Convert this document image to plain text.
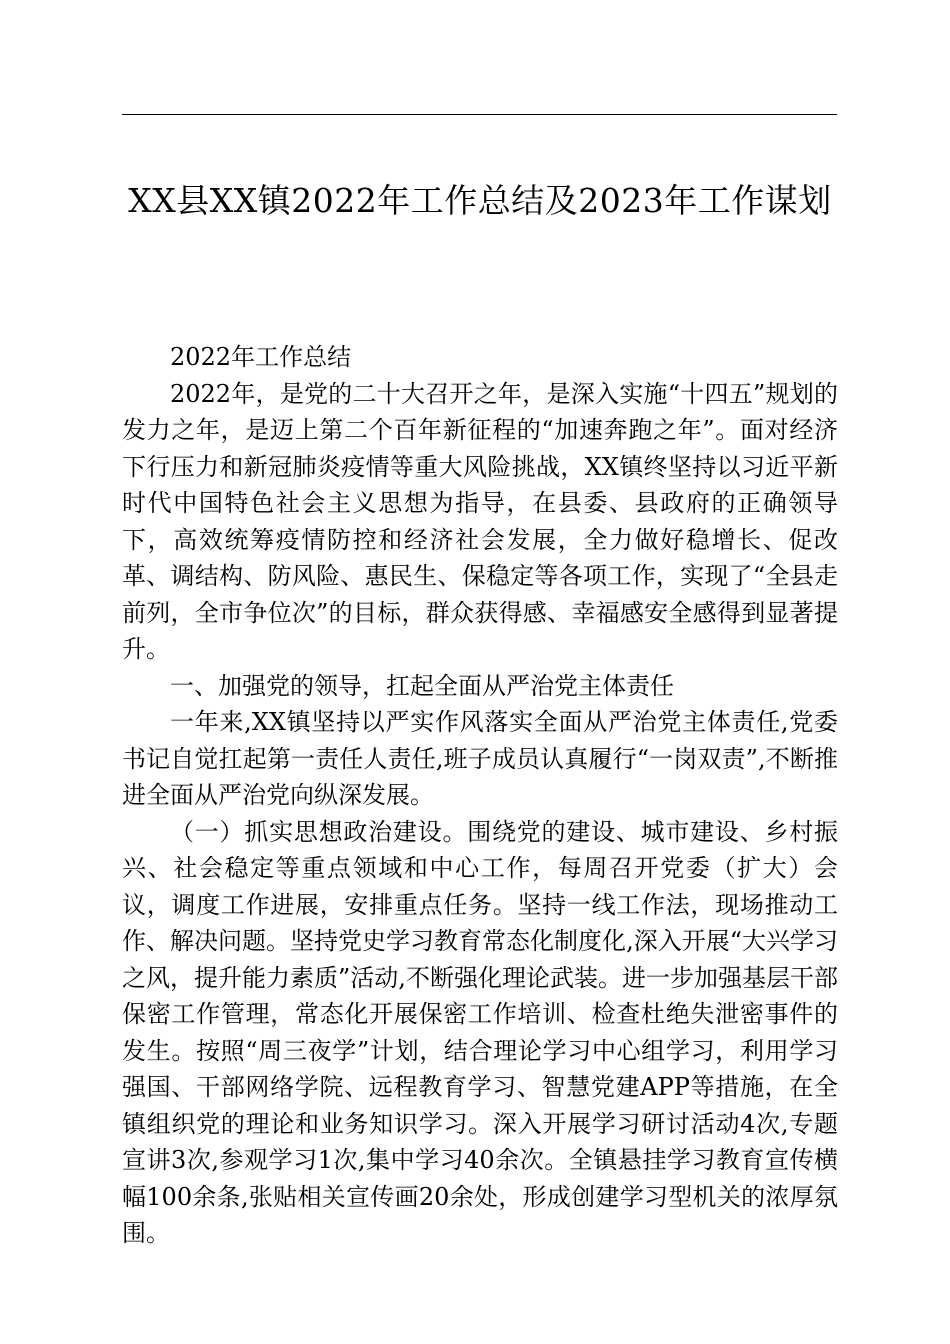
XX县XX镇2022年工作总结及2023年工作谋划

2022年工作总结

2022年，是党的二十大召开之年，是深入实施“十四五”规划的发力之年，是迈上第二个百年新征程的“加速奔跑之年”。面对经济下行压力和新冠肺炎疫情等重大风险挑战，XX镇终坚持以习近平新时代中国特色社会主义思想为指导，在县委、县政府的正确领导下，高效统筹疫情防控和经济社会发展，全力做好稳增长、促改革、调结构、防风险、惠民生、保稳定等各项工作，实现了“全县走前列，全市争位次”的目标，群众获得感、幸福感安全感得到显著提升。

一、加强党的领导，扛起全面从严治党主体责任

一年来,XX镇坚持以严实作风落实全面从严治党主体责任,党委书记自觉扛起第一责任人责任,班子成员认真履行“一岗双责”,不断推进全面从严治党向纵深发展。

（一）抓实思想政治建设。围绕党的建设、城市建设、乡村振兴、社会稳定等重点领域和中心工作，每周召开党委（扩大）会议，调度工作进展，安排重点任务。坚持一线工作法，现场推动工作、解决问题。坚持党史学习教育常态化制度化,深入开展“大兴学习之风，提升能力素质”活动,不断强化理论武装。进一步加强基层干部保密工作管理，常态化开展保密工作培训、检查杜绝失泄密事件的发生。按照“周三夜学”计划，结合理论学习中心组学习，利用学习强国、干部网络学院、远程教育学习、智慧党建APP等措施，在全镇组织党的理论和业务知识学习。深入开展学习研讨活动4次,专题宣讲3次,参观学习1次,集中学习40余次。全镇悬挂学习教育宣传横幅100余条,张贴相关宣传画20余处，形成创建学习型机关的浓厚氛围。
